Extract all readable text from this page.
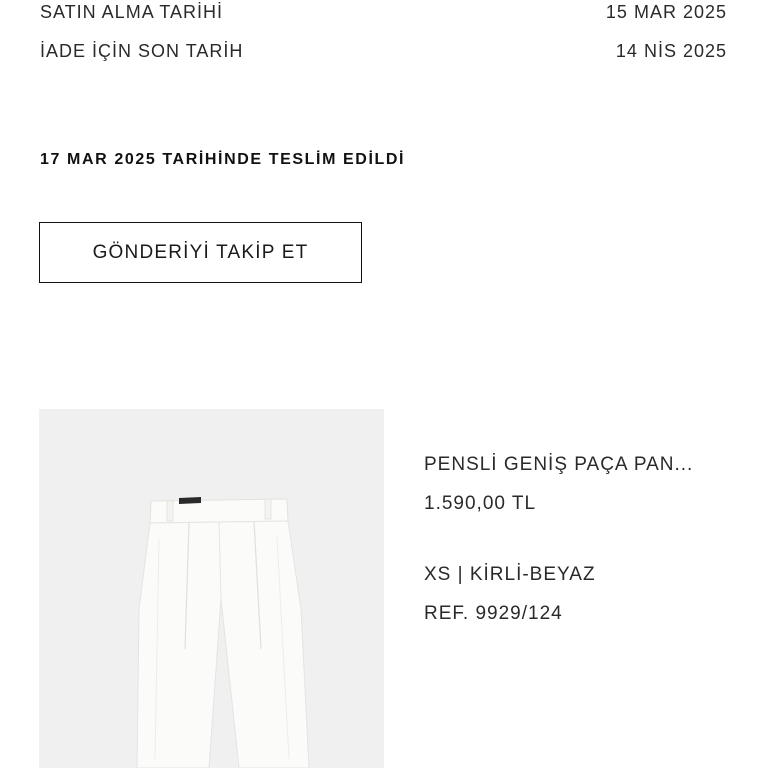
SATIN ALMA TARİHİ	15 MAR 2025
İADE İÇİN SON TARİH	14 NİS 2025
17 MAR 2025 TARİHİNDE TESLİM EDİLDİ
GÖNDERİYİ TAKİP ET
PENSLİ GENİŞ PAÇA PAN...
1.590,00 TL
XS | KİRLİ-BEYAZ
REF. 9929/124
